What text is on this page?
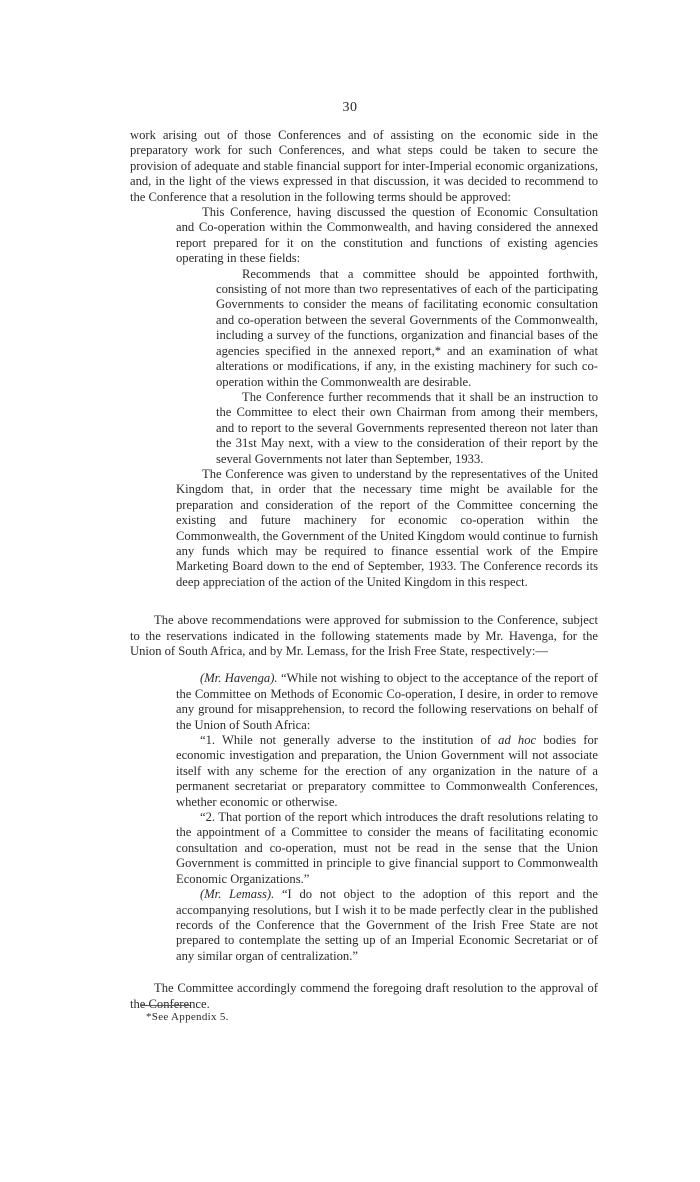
30

work arising out of those Conferences and of assisting on the economic side in the preparatory work for such Conferences, and what steps could be taken to secure the provision of adequate and stable financial support for inter-Imperial economic organizations, and, in the light of the views expressed in that discussion, it was decided to recommend to the Conference that a resolution in the following terms should be approved:

This Conference, having discussed the question of Economic Consultation and Co-operation within the Commonwealth, and having considered the annexed report prepared for it on the constitution and functions of existing agencies operating in these fields:

Recommends that a committee should be appointed forthwith, consisting of not more than two representatives of each of the participating Governments to consider the means of facilitating economic consultation and co-operation between the several Governments of the Commonwealth, including a survey of the functions, organization and financial bases of the agencies specified in the annexed report,* and an examination of what alterations or modifications, if any, in the existing machinery for such co-operation within the Commonwealth are desirable.

The Conference further recommends that it shall be an instruction to the Committee to elect their own Chairman from among their members, and to report to the several Governments represented thereon not later than the 31st May next, with a view to the consideration of their report by the several Governments not later than September, 1933.

The Conference was given to understand by the representatives of the United Kingdom that, in order that the necessary time might be available for the preparation and consideration of the report of the Committee concerning the existing and future machinery for economic co-operation within the Commonwealth, the Government of the United Kingdom would continue to furnish any funds which may be required to finance essential work of the Empire Marketing Board down to the end of September, 1933. The Conference records its deep appreciation of the action of the United Kingdom in this respect.

The above recommendations were approved for submission to the Conference, subject to the reservations indicated in the following statements made by Mr. Havenga, for the Union of South Africa, and by Mr. Lemass, for the Irish Free State, respectively:—

(Mr. Havenga). “While not wishing to object to the acceptance of the report of the Committee on Methods of Economic Co-operation, I desire, in order to remove any ground for misapprehension, to record the following reservations on behalf of the Union of South Africa:

“1. While not generally adverse to the institution of ad hoc bodies for economic investigation and preparation, the Union Government will not associate itself with any scheme for the erection of any organization in the nature of a permanent secretariat or preparatory committee to Commonwealth Conferences, whether economic or otherwise.

“2. That portion of the report which introduces the draft resolutions relating to the appointment of a Committee to consider the means of facilitating economic consultation and co-operation, must not be read in the sense that the Union Government is committed in principle to give financial support to Commonwealth Economic Organizations.”

(Mr. Lemass). “I do not object to the adoption of this report and the accompanying resolutions, but I wish it to be made perfectly clear in the published records of the Conference that the Government of the Irish Free State are not prepared to contemplate the setting up of an Imperial Economic Secretariat or of any similar organ of centralization.”

The Committee accordingly commend the foregoing draft resolution to the approval of the Conference.

*See Appendix 5.
